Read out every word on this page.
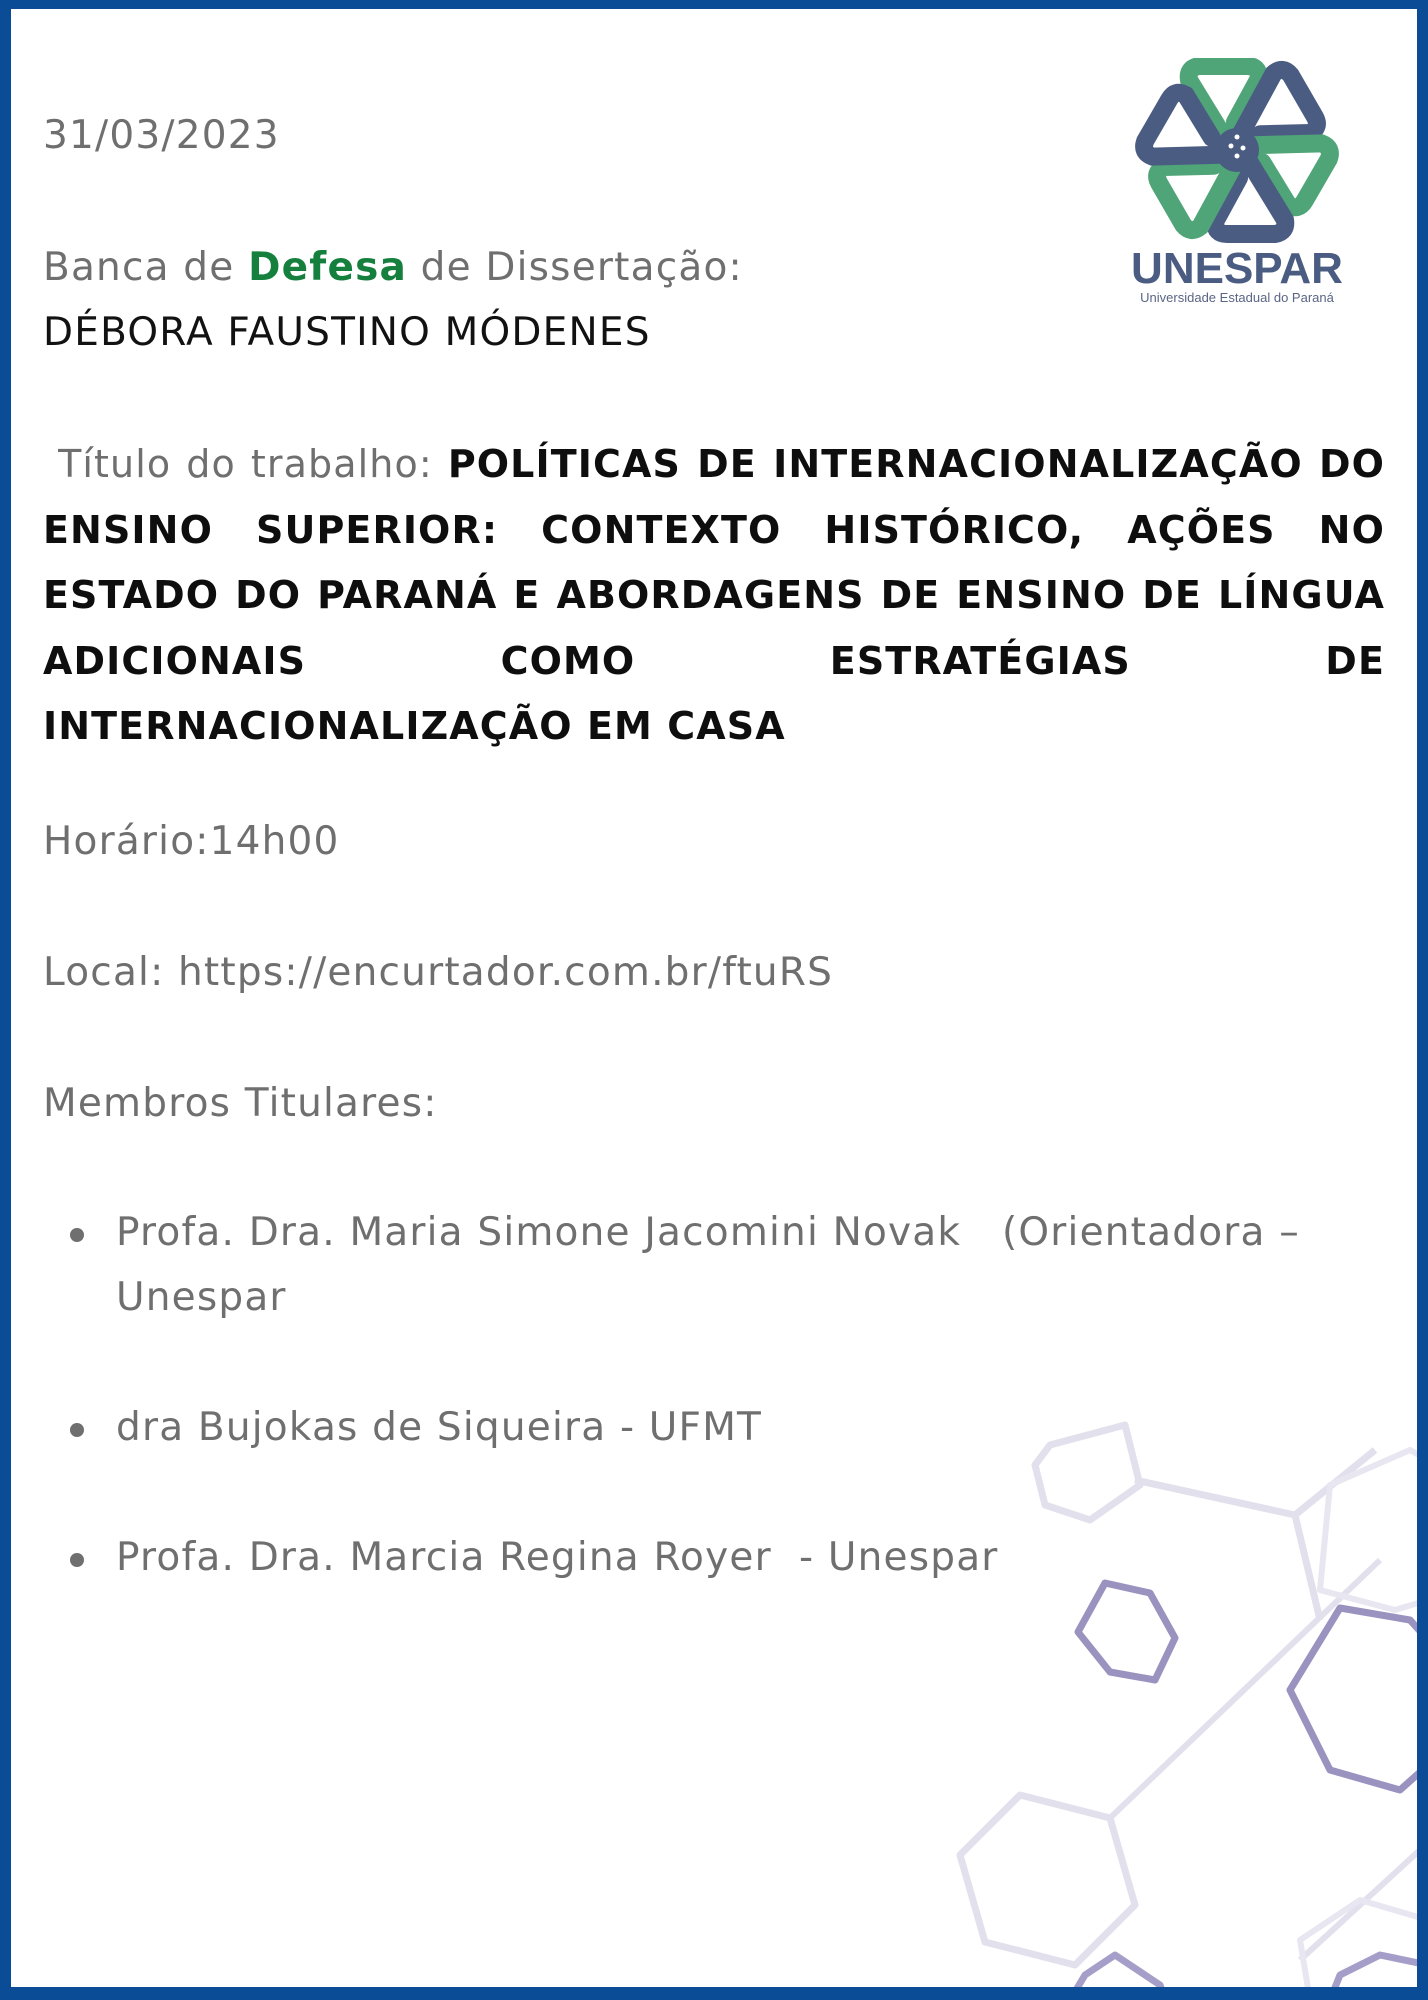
31/03/2023
Banca de Defesa de Dissertação:
DÉBORA FAUSTINO MÓDENES
Título do trabalho: POLÍTICAS DE INTERNACIONALIZAÇÃO DO ENSINO SUPERIOR: CONTEXTO HISTÓRICO, AÇÕES NO ESTADO DO PARANÁ E ABORDAGENS DE ENSINO DE LÍNGUA ADICIONAIS COMO ESTRATÉGIAS DE INTERNACIONALIZAÇÃO EM CASA
Horário:14h00
Local: https://encurtador.com.br/ftuRS
Membros Titulares:
Profa. Dra. Maria Simone Jacomini Novak   (Orientadora – Unespar
dra Bujokas de Siqueira - UFMT
Profa. Dra. Marcia Regina Royer  - Unespar
UNESPAR
Universidade Estadual do Paraná
